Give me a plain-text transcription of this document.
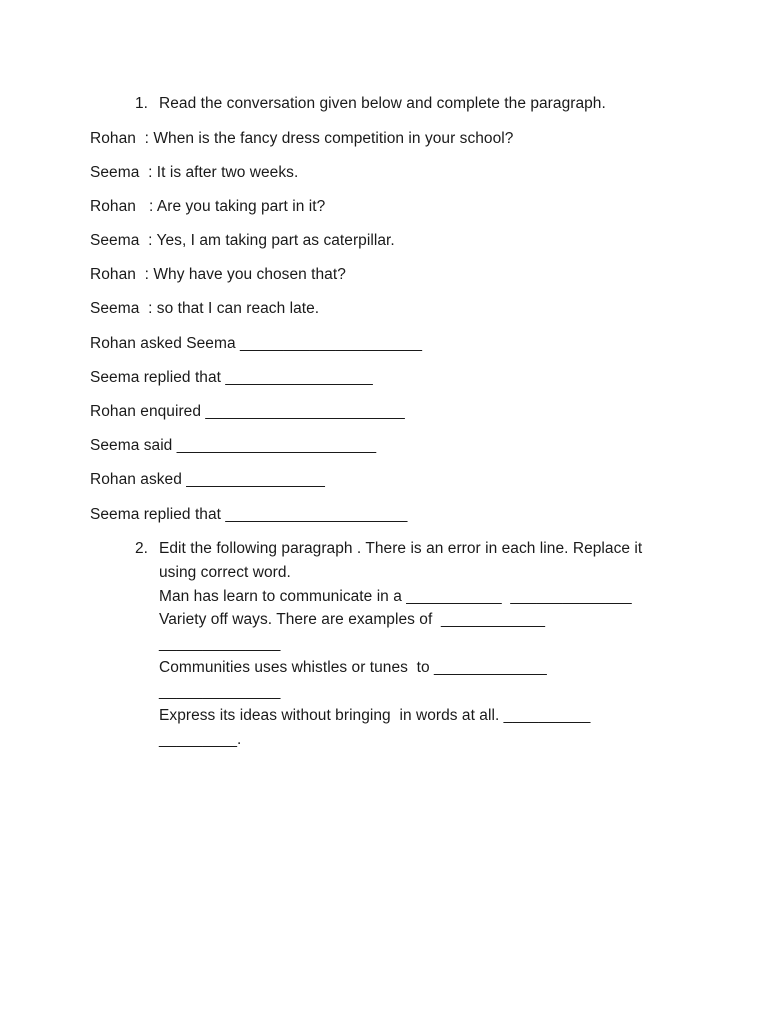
1. Read the conversation given below and complete the paragraph.
Rohan  : When is the fancy dress competition in your school?
Seema  : It is after two weeks.
Rohan   : Are you taking part in it?
Seema  : Yes, I am taking part as caterpillar.
Rohan  : Why have you chosen that?
Seema  : so that I can reach late.
Rohan asked Seema _____________________
Seema replied that _________________
Rohan enquired _______________________
Seema said _______________________
Rohan asked ________________
Seema replied that _____________________
2. Edit the following paragraph . There is an error in each line. Replace it
using correct word.
Man has learn to communicate in a ___________  ______________
Variety off ways. There are examples of  ____________
______________
Communities uses whistles or tunes  to _____________
______________
Express its ideas without bringing  in words at all. __________
_________.
